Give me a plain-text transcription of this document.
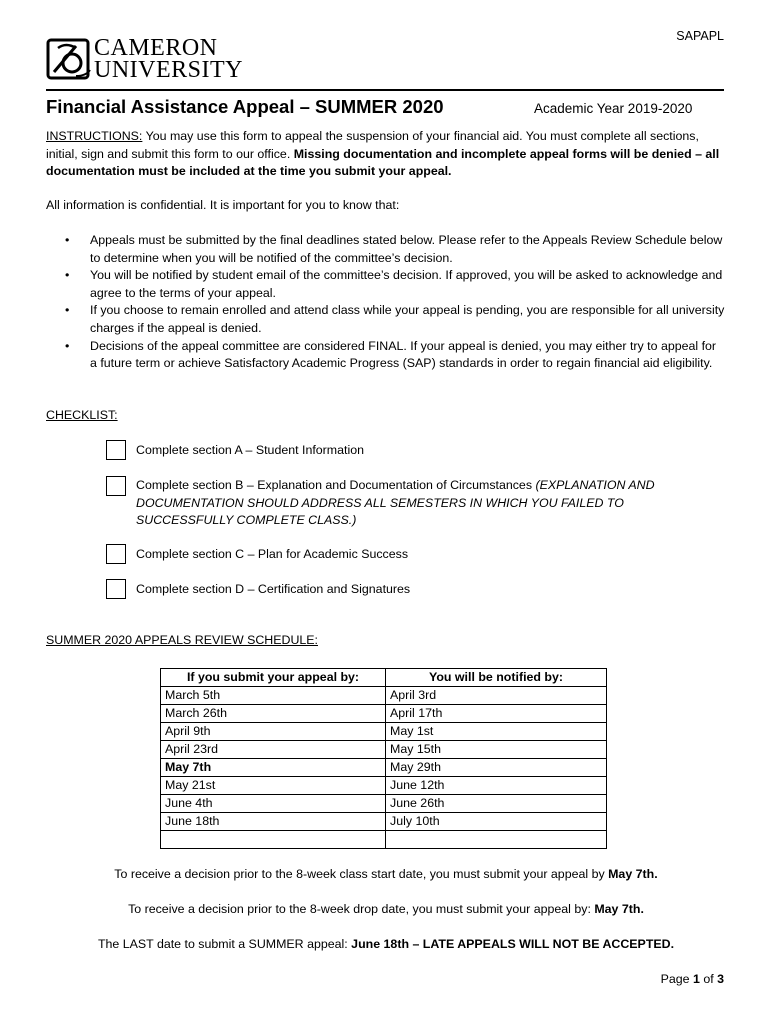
SAPAPL
CAMERON
UNIVERSITY
Financial Assistance Appeal – SUMMER 2020	Academic Year 2019-2020
INSTRUCTIONS: You may use this form to appeal the suspension of your financial aid. You must complete all sections, initial, sign and submit this form to our office. Missing documentation and incomplete appeal forms will be denied – all documentation must be included at the time you submit your appeal.
All information is confidential. It is important for you to know that:
• Appeals must be submitted by the final deadlines stated below. Please refer to the Appeals Review Schedule below to determine when you will be notified of the committee’s decision.
• You will be notified by student email of the committee’s decision. If approved, you will be asked to acknowledge and agree to the terms of your appeal.
• If you choose to remain enrolled and attend class while your appeal is pending, you are responsible for all university charges if the appeal is denied.
• Decisions of the appeal committee are considered FINAL. If your appeal is denied, you may either try to appeal for a future term or achieve Satisfactory Academic Progress (SAP) standards in order to regain financial aid eligibility.
CHECKLIST:
Complete section A – Student Information
Complete section B – Explanation and Documentation of Circumstances (EXPLANATION AND DOCUMENTATION SHOULD ADDRESS ALL SEMESTERS IN WHICH YOU FAILED TO SUCCESSFULLY COMPLETE CLASS.)
Complete section C – Plan for Academic Success
Complete section D – Certification and Signatures
SUMMER 2020 APPEALS REVIEW SCHEDULE:
If you submit your appeal by:	You will be notified by:
March 5th	April 3rd
March 26th	April 17th
April 9th	May 1st
April 23rd	May 15th
May 7th	May 29th
May 21st	June 12th
June 4th	June 26th
June 18th	July 10th

To receive a decision prior to the 8-week class start date, you must submit your appeal by May 7th.
To receive a decision prior to the 8-week drop date, you must submit your appeal by: May 7th.
The LAST date to submit a SUMMER appeal: June 18th – LATE APPEALS WILL NOT BE ACCEPTED.
Page 1 of 3
